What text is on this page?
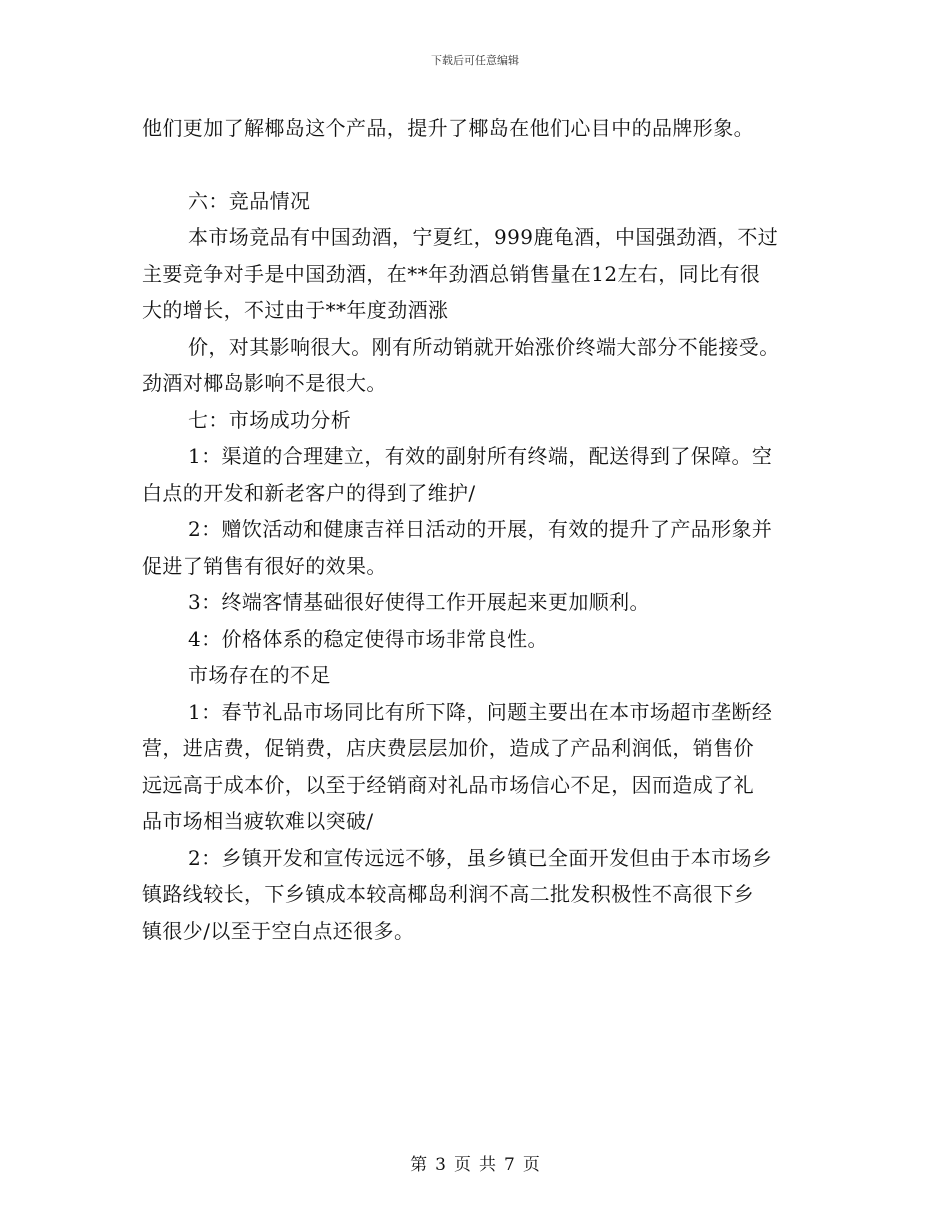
下载后可任意编辑
他们更加了解椰岛这个产品，提升了椰岛在他们心目中的品牌形象。
六：竞品情况
本市场竞品有中国劲酒，宁夏红，999鹿龟酒，中国强劲酒，不过
主要竞争对手是中国劲酒，在**年劲酒总销售量在12左右，同比有很
大的增长，不过由于**年度劲酒涨
价，对其影响很大。刚有所动销就开始涨价终端大部分不能接受。
劲酒对椰岛影响不是很大。
七：市场成功分析
1：渠道的合理建立，有效的副射所有终端，配送得到了保障。空
白点的开发和新老客户的得到了维护/
2：赠饮活动和健康吉祥日活动的开展，有效的提升了产品形象并
促进了销售有很好的效果。
3：终端客情基础很好使得工作开展起来更加顺利。
4：价格体系的稳定使得市场非常良性。
市场存在的不足
1：春节礼品市场同比有所下降，问题主要出在本市场超市垄断经
营，进店费，促销费，店庆费层层加价，造成了产品利润低，销售价
远远高于成本价，以至于经销商对礼品市场信心不足，因而造成了礼
品市场相当疲软难以突破/
2：乡镇开发和宣传远远不够，虽乡镇已全面开发但由于本市场乡
镇路线较长，下乡镇成本较高椰岛利润不高二批发积极性不高很下乡
镇很少/以至于空白点还很多。
第 3 页 共 7 页
